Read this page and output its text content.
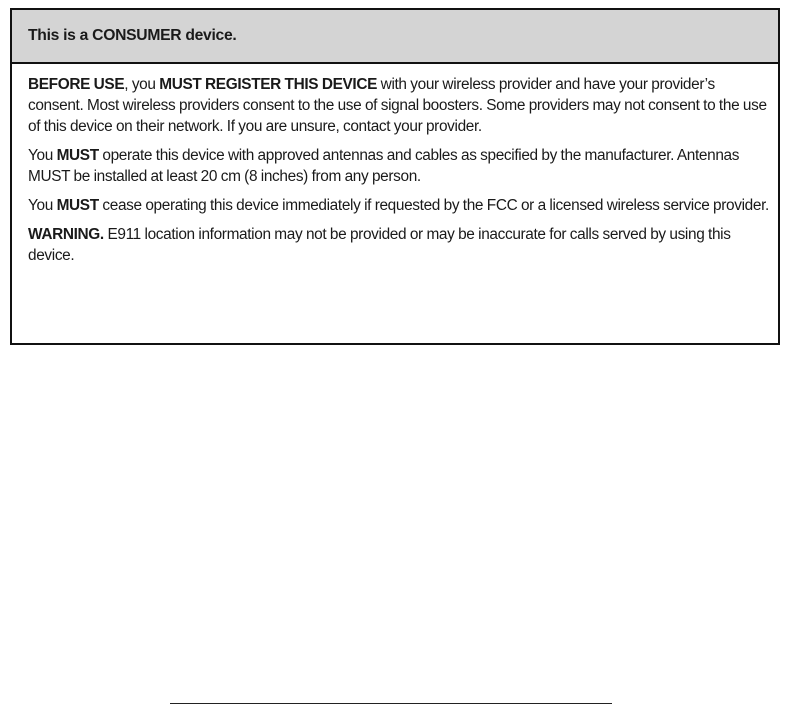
This is a CONSUMER device.

BEFORE USE, you MUST REGISTER THIS DEVICE with your wireless provider and have your provider’s consent. Most wireless providers consent to the use of signal boosters. Some providers may not consent to the use of this device on their network. If you are unsure, contact your provider.

You MUST operate this device with approved antennas and cables as specified by the manufacturer. Antennas MUST be installed at least 20 cm (8 inches) from any person.

You MUST cease operating this device immediately if requested by the FCC or a licensed wireless service provider.

WARNING. E911 location information may not be provided or may be inaccurate for calls served by using this device.
